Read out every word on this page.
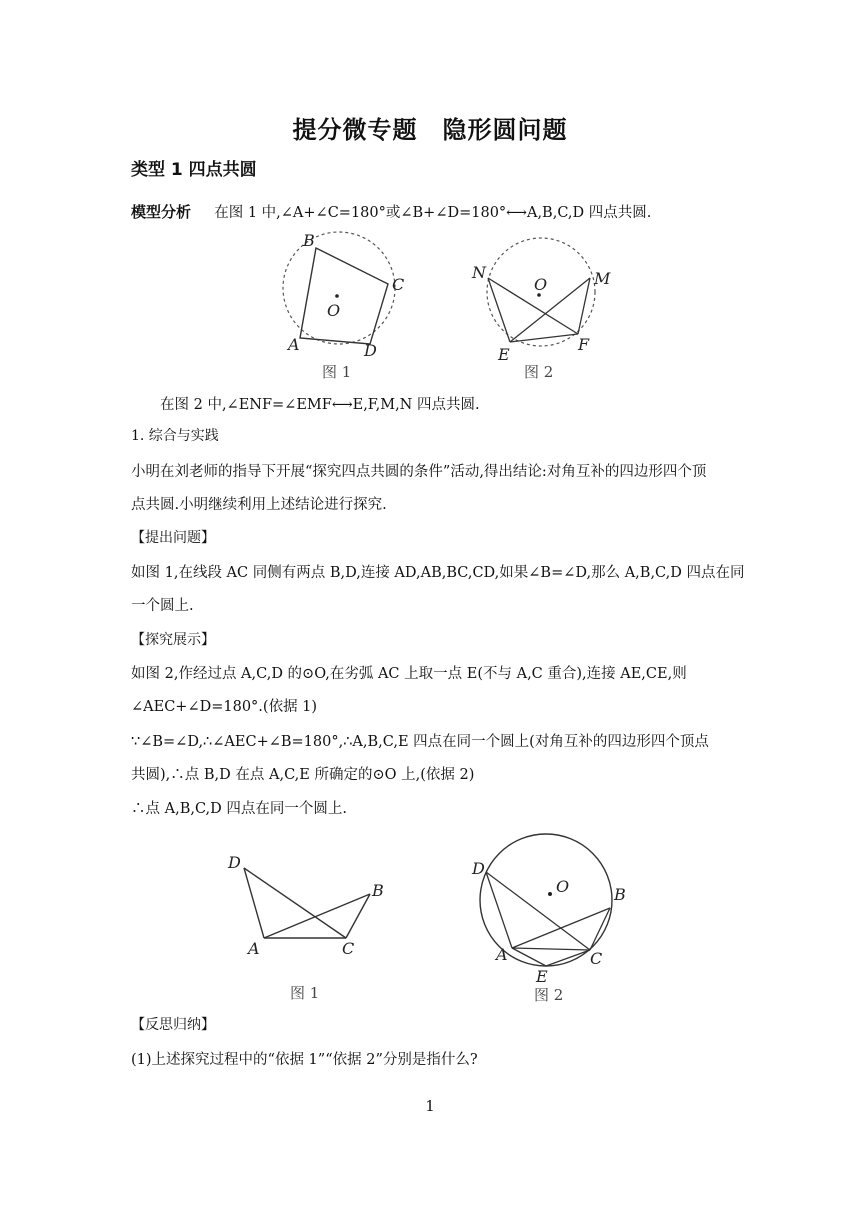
提分微专题　隐形圆问题
类型 1 四点共圆
模型分析 在图 1 中,∠A+∠C=180°或∠B+∠D=180°⟷A,B,C,D 四点共圆.
B
C
O
A	D
图 1
N
O	M
E
F
图 2
在图 2 中,∠ENF=∠EMF⟷E,F,M,N 四点共圆.
1. 综合与实践
小明在刘老师的指导下开展“探究四点共圆的条件”活动,得出结论:对角互补的四边形四个顶
点共圆.小明继续利用上述结论进行探究.
【提出问题】
如图 1,在线段 AC 同侧有两点 B,D,连接 AD,AB,BC,CD,如果∠B=∠D,那么 A,B,C,D 四点在同
一个圆上.
【探究展示】
如图 2,作经过点 A,C,D 的⊙O,在劣弧 AC 上取一点 E(不与 A,C 重合),连接 AE,CE,则
∠AEC+∠D=180°.(依据 1)
∵∠B=∠D,∴∠AEC+∠B=180°,∴A,B,C,E 四点在同一个圆上(对角互补的四边形四个顶点
共圆),∴点 B,D 在点 A,C,E 所确定的⊙O 上,(依据 2)
∴点 A,B,C,D 四点在同一个圆上.
D
B
A	C
图 1
D
O	B
A	C
E
图 2
【反思归纳】
(1)上述探究过程中的“依据 1”“依据 2”分别是指什么?
1
